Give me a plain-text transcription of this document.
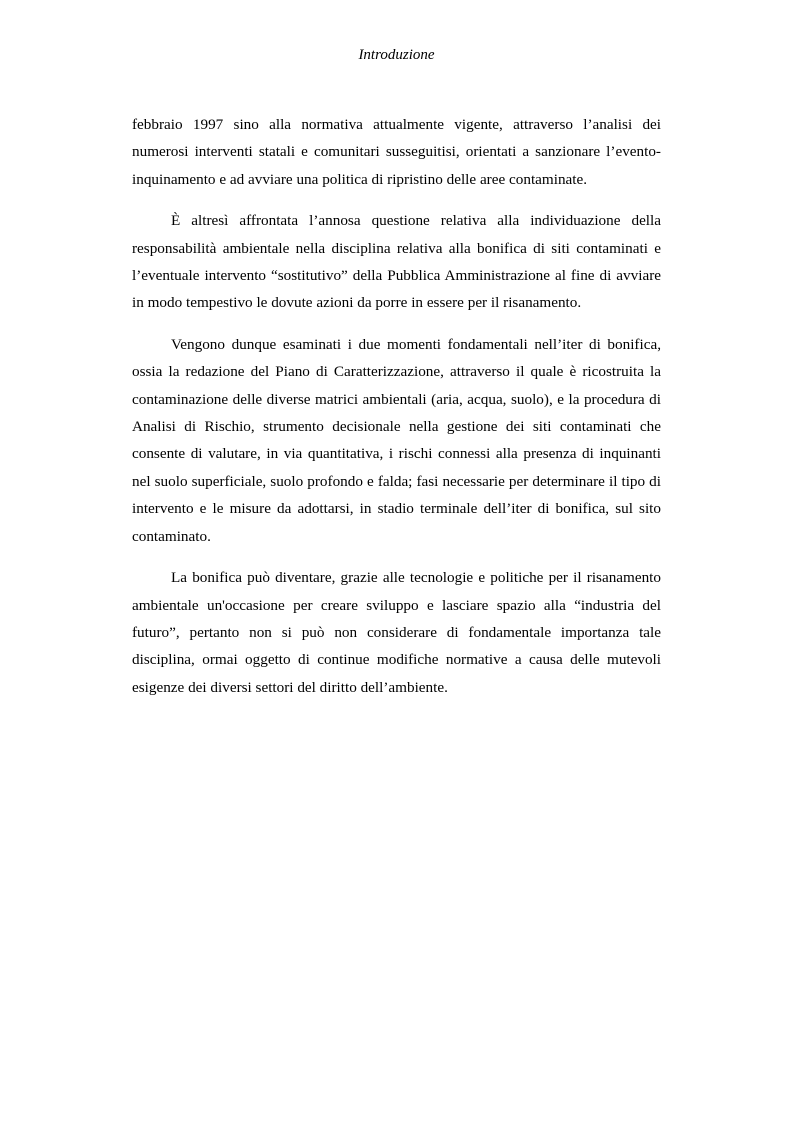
Introduzione

febbraio 1997 sino alla normativa attualmente vigente, attraverso l’analisi dei numerosi interventi statali e comunitari susseguitisi, orientati a sanzionare l’evento-inquinamento e ad avviare una politica di ripristino delle aree contaminate.

È altresì affrontata l’annosa questione relativa alla individuazione della responsabilità ambientale nella disciplina relativa alla bonifica di siti contaminati e l’eventuale intervento “sostitutivo” della Pubblica Amministrazione al fine di avviare in modo tempestivo le dovute azioni da porre in essere per il risanamento.

Vengono dunque esaminati i due momenti fondamentali nell’iter di bonifica, ossia la redazione del Piano di Caratterizzazione, attraverso il quale è ricostruita la contaminazione delle diverse matrici ambientali (aria, acqua, suolo), e la procedura di Analisi di Rischio, strumento decisionale nella gestione dei siti contaminati che consente di valutare, in via quantitativa, i rischi connessi alla presenza di inquinanti nel suolo superficiale, suolo profondo e falda; fasi necessarie per determinare il tipo di intervento e le misure da adottarsi, in stadio terminale dell’iter di bonifica, sul sito contaminato.

La bonifica può diventare, grazie alle tecnologie e politiche per il risanamento ambientale un'occasione per creare sviluppo e lasciare spazio alla “industria del futuro”, pertanto non si può non considerare di fondamentale importanza tale disciplina, ormai oggetto di continue modifiche normative a causa delle mutevoli esigenze dei diversi settori del diritto dell’ambiente.
